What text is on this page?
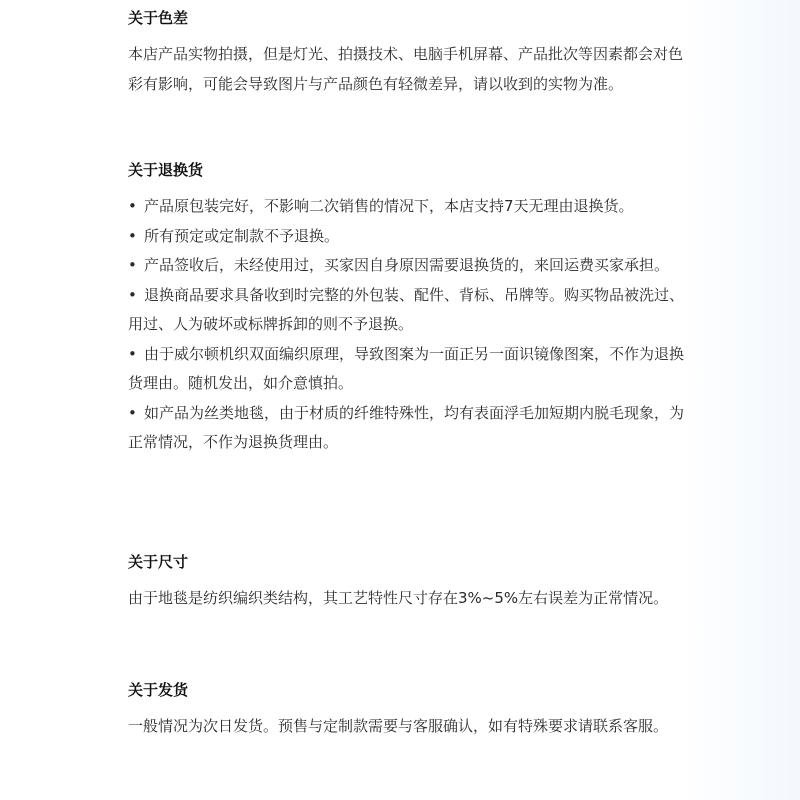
关于色差

本店产品实物拍摄，但是灯光、拍摄技术、电脑手机屏幕、产品批次等因素都会对色彩有影响，可能会导致图片与产品颜色有轻微差异，请以收到的实物为准。

关于退换货
• 产品原包装完好，不影响二次销售的情况下，本店支持7天无理由退换货。
• 所有预定或定制款不予退换。
• 产品签收后，未经使用过，买家因自身原因需要退换货的，来回运费买家承担。
• 退换商品要求具备收到时完整的外包装、配件、背标、吊牌等。购买物品被洗过、用过、人为破坏或标牌拆卸的则不予退换。
• 由于威尔顿机织双面编织原理，导致图案为一面正另一面识镜像图案，不作为退换货理由。随机发出，如介意慎拍。
• 如产品为丝类地毯，由于材质的纤维特殊性，均有表面浮毛加短期内脱毛现象，为正常情况，不作为退换货理由。
关于尺寸

由于地毯是纺织编织类结构，其工艺特性尺寸存在3%~5%左右误差为正常情况。

关于发货

一般情况为次日发货。预售与定制款需要与客服确认，如有特殊要求请联系客服。
